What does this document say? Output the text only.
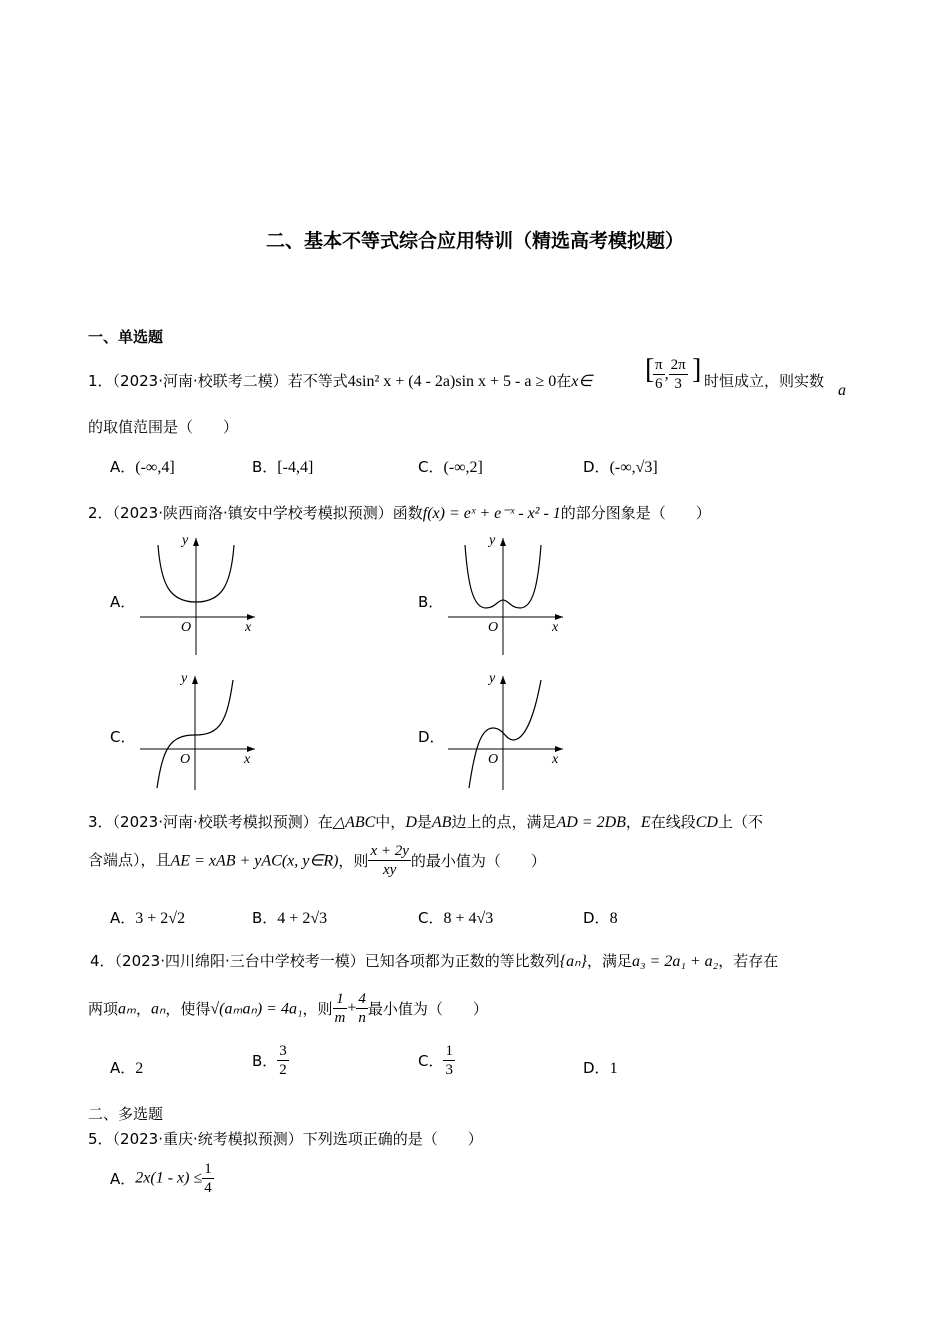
二、基本不等式综合应用特训（精选高考模拟题）
一、单选题
1．（2023·河南·校联考二模）若不等式4sin² x + (4 - 2a)sin x + 5 - a ≥ 0在x∈ [
$\frac{\pi}{6}$ , $\frac{2\pi}{3}$ ] 时恒成立，则实数
a
的取值范围是（　　）
A．(-∞,4]	B．[-4,4]	C．(-∞,2]	D．(-∞,√3]
2．（2023·陕西商洛·镇安中学校考模拟预测）函数f(x) = eˣ + e⁻ˣ - x² - 1的部分图象是（　　）
A．	B．
C．	D．
y
O	x
y
O	x
y
O	x
y
O	x
3．（2023·河南·校联考模拟预测）在△ABC中，D是AB边上的点，满足AD = 2DB，E在线段CD上（不
含端点），且AE = xAB + yAC(x, y∈R)，则 $\frac{x + 2y}{xy}$ 的最小值为（　　）
A．3 + 2√2	B．4 + 2√3	C．8 + 4√3	D．8
4．（2023·四川绵阳·三台中学校考一模）已知各项都为正数的等比数列{aₙ}，满足a₃ = 2a₁ + a₂，若存在
两项aₘ，aₙ，使得√(aₘaₙ) = 4a₁，则 $\frac{1}{m} + \frac{4}{n}$ 最小值为（　　）
A．2	B． $\frac{3}{2}$	C． $\frac{1}{3}$	D．1
二、多选题
5．（2023·重庆·统考模拟预测）下列选项正确的是（　　）
A．$2x(1 - x) \le \frac{1}{4}$
